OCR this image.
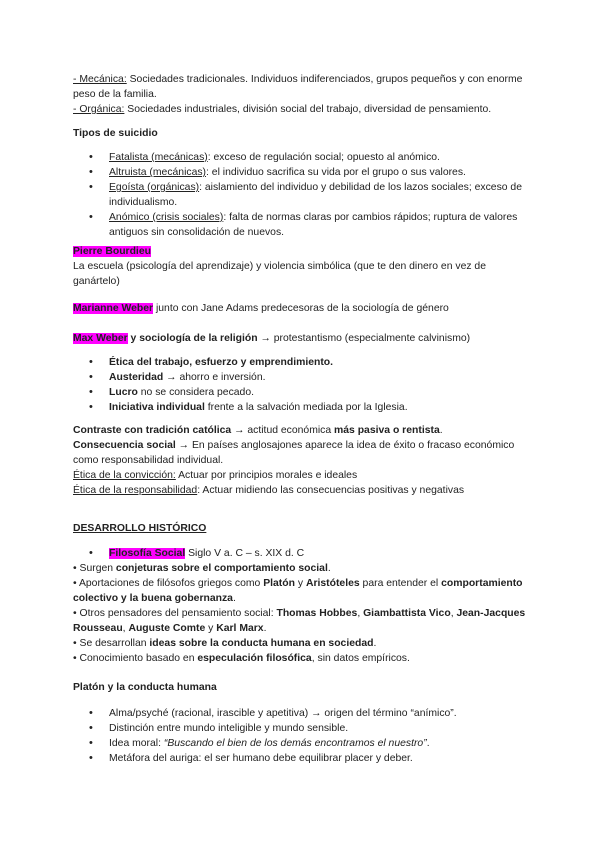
- Mecánica: Sociedades tradicionales. Individuos indiferenciados, grupos pequeños y con enorme peso de la familia.

- Orgánica: Sociedades industriales, división social del trabajo, diversidad de pensamiento.

Tipos de suicidio

• Fatalista (mecánicas): exceso de regulación social; opuesto al anómico.
• Altruista (mecánicas): el individuo sacrifica su vida por el grupo o sus valores.
• Egoísta (orgánicas): aislamiento del individuo y debilidad de los lazos sociales; exceso de individualismo.
• Anómico (crisis sociales): falta de normas claras por cambios rápidos; ruptura de valores antiguos sin consolidación de nuevos.

Pierre Bourdieu

La escuela (psicología del aprendizaje) y violencia simbólica (que te den dinero en vez de ganártelo)

Marianne Weber junto con Jane Adams predecesoras de la sociología de género

Max Weber y sociología de la religión → protestantismo (especialmente calvinismo)

• Ética del trabajo, esfuerzo y emprendimiento.
• Austeridad → ahorro e inversión.
• Lucro no se considera pecado.
• Iniciativa individual frente a la salvación mediada por la Iglesia.

Contraste con tradición católica → actitud económica más pasiva o rentista.

Consecuencia social → En países anglosajones aparece la idea de éxito o fracaso económico como responsabilidad individual.

Ética de la convicción: Actuar por principios morales e ideales

Ética de la responsabilidad: Actuar midiendo las consecuencias positivas y negativas

DESARROLLO HISTÓRICO

• Filosofía Social Siglo V a. C – s. XIX d. C

• Surgen conjeturas sobre el comportamiento social.

• Aportaciones de filósofos griegos como Platón y Aristóteles para entender el comportamiento colectivo y la buena gobernanza.

• Otros pensadores del pensamiento social: Thomas Hobbes, Giambattista Vico, Jean-Jacques Rousseau, Auguste Comte y Karl Marx.

• Se desarrollan ideas sobre la conducta humana en sociedad.

• Conocimiento basado en especulación filosófica, sin datos empíricos.

Platón y la conducta humana

• Alma/psyché (racional, irascible y apetitiva) → origen del término “anímico”.
• Distinción entre mundo inteligible y mundo sensible.
• Idea moral: “Buscando el bien de los demás encontramos el nuestro”.
• Metáfora del auriga: el ser humano debe equilibrar placer y deber.
